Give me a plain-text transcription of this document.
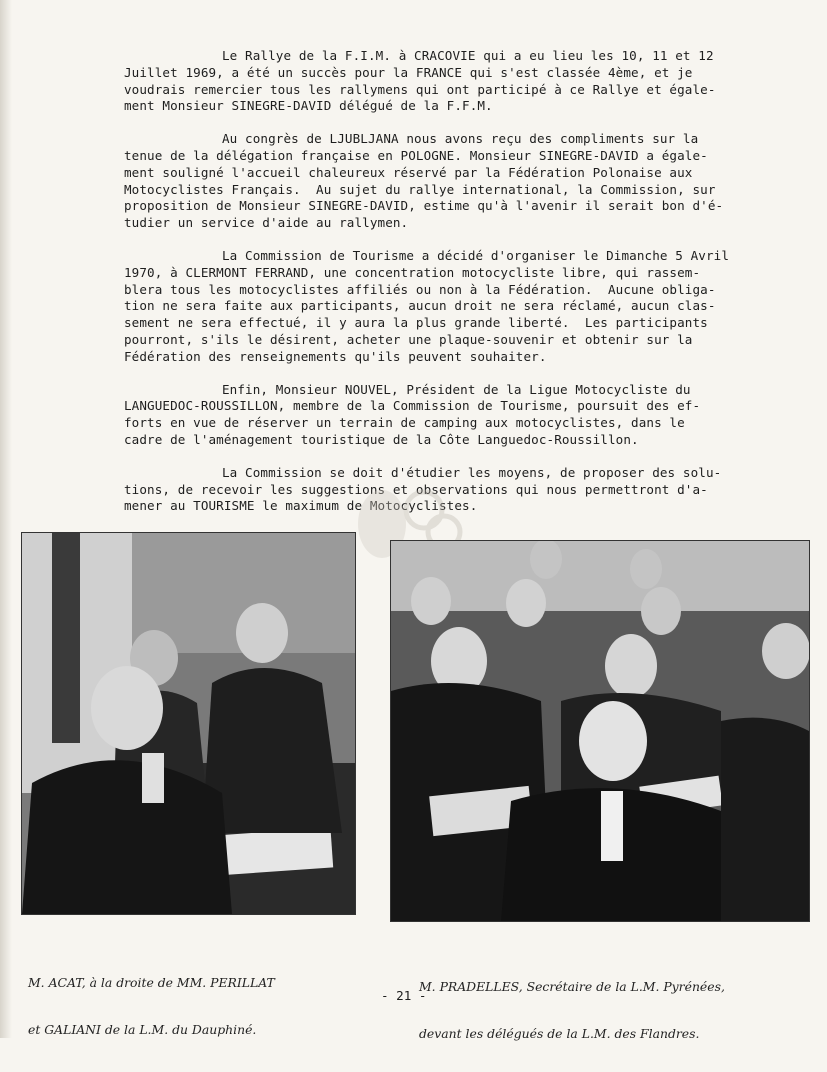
Le Rallye de la F.I.M. à CRACOVIE qui a eu lieu les 10, 11 et 12
Juillet 1969, a été un succès pour la FRANCE qui s'est classée 4ème, et je
voudrais remercier tous les rallymens qui ont participé à ce Rallye et égale-
ment Monsieur SINEGRE-DAVID délégué de la F.F.M.
Au congrès de LJUBLJANA nous avons reçu des compliments sur la
tenue de la délégation française en POLOGNE. Monsieur SINEGRE-DAVID a égale-
ment souligné l'accueil chaleureux réservé par la Fédération Polonaise aux
Motocyclistes Français.  Au sujet du rallye international, la Commission, sur
proposition de Monsieur SINEGRE-DAVID, estime qu'à l'avenir il serait bon d'é-
tudier un service d'aide au rallymen.
La Commission de Tourisme a décidé d'organiser le Dimanche 5 Avril
1970, à CLERMONT FERRAND, une concentration motocycliste libre, qui rassem-
blera tous les motocyclistes affiliés ou non à la Fédération.  Aucune obliga-
tion ne sera faite aux participants, aucun droit ne sera réclamé, aucun clas-
sement ne sera effectué, il y aura la plus grande liberté.  Les participants
pourront, s'ils le désirent, acheter une plaque-souvenir et obtenir sur la
Fédération des renseignements qu'ils peuvent souhaiter.
Enfin, Monsieur NOUVEL, Président de la Ligue Motocycliste du
LANGUEDOC-ROUSSILLON, membre de la Commission de Tourisme, poursuit des ef-
forts en vue de réserver un terrain de camping aux motocyclistes, dans le
cadre de l'aménagement touristique de la Côte Languedoc-Roussillon.
La Commission se doit d'étudier les moyens, de proposer des solu-
tions, de recevoir les suggestions et observations qui nous permettront d'a-
mener au TOURISME le maximum de Motocyclistes.

M. ACAT, à la droite de MM. PERILLAT

et GALIANI de la L.M. du Dauphiné.

M. PRADELLES, Secrétaire de la L.M. Pyrénées,

devant les délégués de la L.M. des Flandres.

- 21 -
